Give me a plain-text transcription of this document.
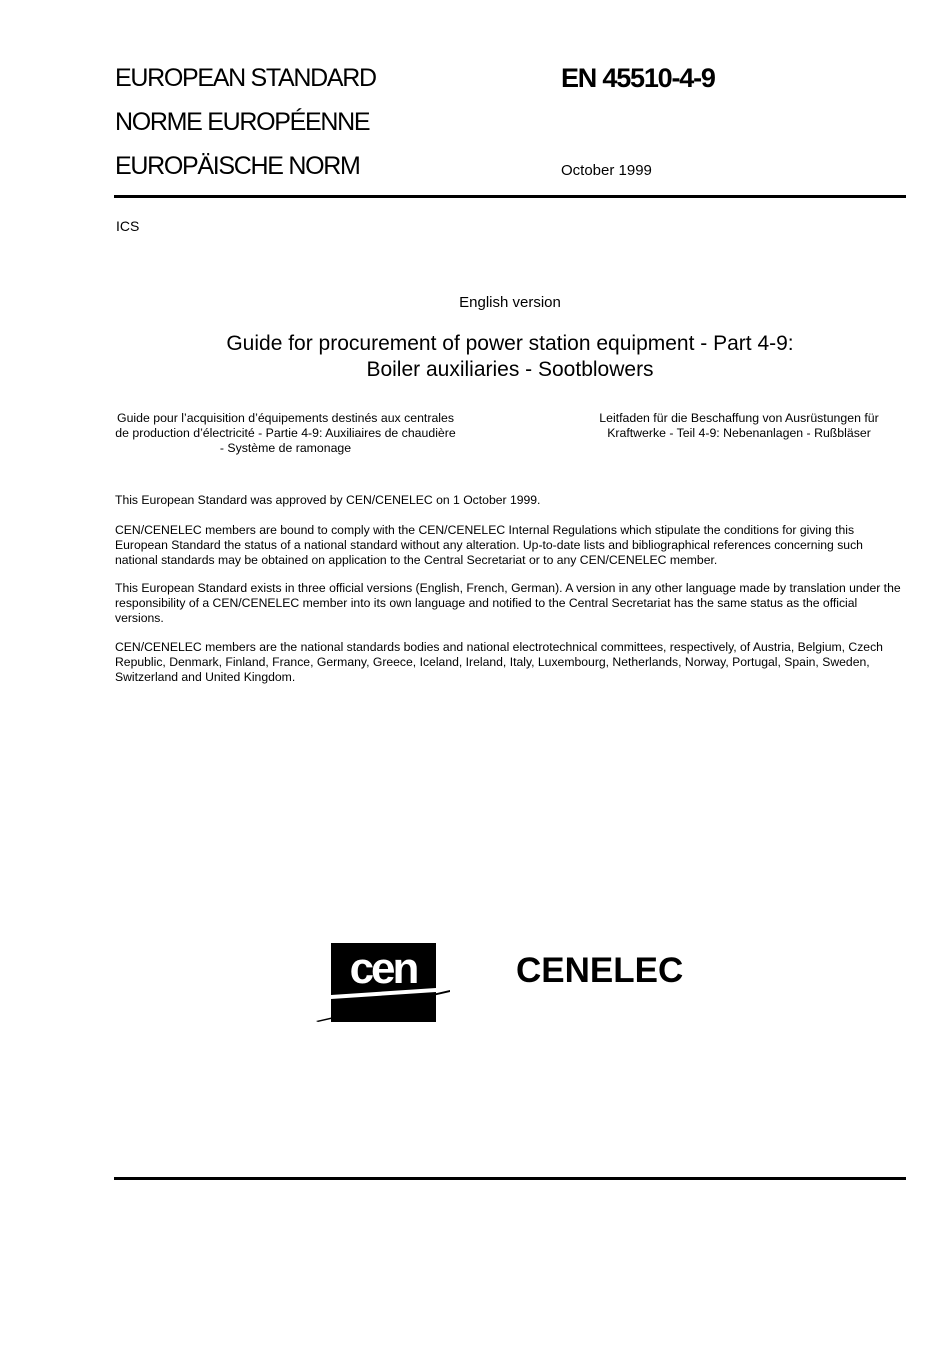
EUROPEAN STANDARD
NORME EUROPÉENNE
EUROPÄISCHE NORM
EN 45510-4-9
October 1999
ICS
English version
Guide for procurement of power station equipment - Part 4-9:
Boiler auxiliaries - Sootblowers
Guide pour l’acquisition d’équipements destinés aux centrales de production d’électricité - Partie 4-9: Auxiliaires de chaudière - Système de ramonage
Leitfaden für die Beschaffung von Ausrüstungen für Kraftwerke - Teil 4-9: Nebenanlagen - Rußbläser
This European Standard was approved by CEN/CENELEC on 1 October 1999.
CEN/CENELEC members are bound to comply with the CEN/CENELEC Internal Regulations which stipulate the conditions for giving this European Standard the status of a national standard without any alteration. Up-to-date lists and bibliographical references concerning such national standards may be obtained on application to the Central Secretariat or to any CEN/CENELEC member.
This European Standard exists in three official versions (English, French, German). A version in any other language made by translation under the responsibility of a CEN/CENELEC member into its own language and notified to the Central Secretariat has the same status as the official versions.
CEN/CENELEC members are the national standards bodies and national electrotechnical committees, respectively, of Austria, Belgium, Czech Republic, Denmark, Finland, France, Germany, Greece, Iceland, Ireland, Italy, Luxembourg, Netherlands, Norway, Portugal, Spain, Sweden, Switzerland and United Kingdom.
cen	CENELEC
